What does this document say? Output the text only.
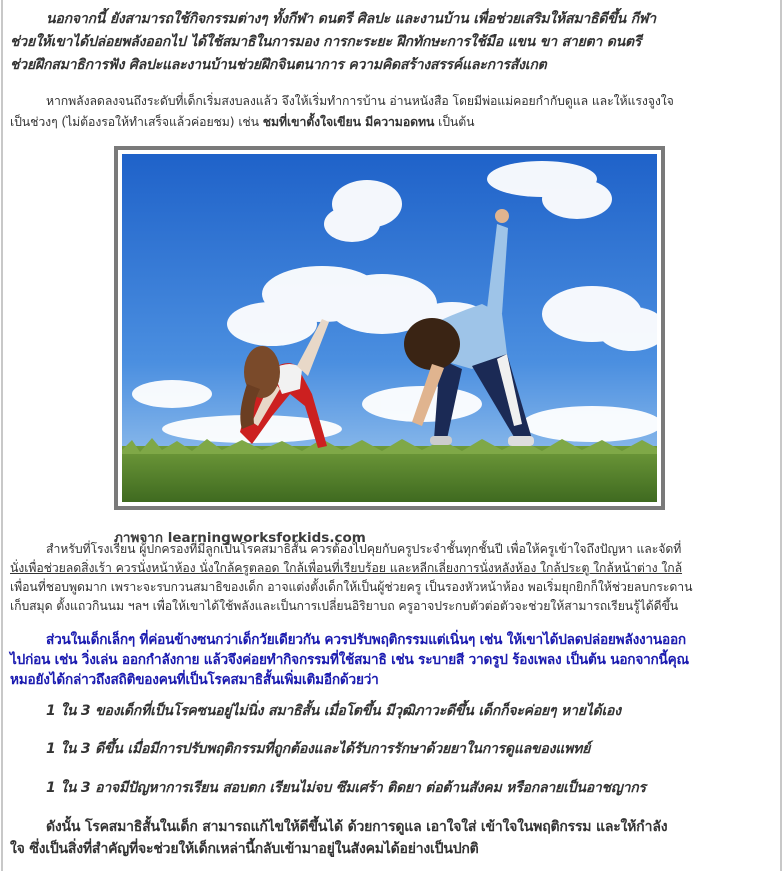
นอกจากนี้ ยังสามารถใช้กิจกรรมต่างๆ ทั้งกีฬา ดนตรี ศิลปะ และงานบ้าน เพื่อช่วยเสริมให้สมาธิดีขึ้น กีฬา

ช่วยให้เขาได้ปล่อยพลังออกไป ได้ใช้สมาธิในการมอง การกะระยะ ฝึกทักษะการใช้มือ แขน ขา สายตา ดนตรี

ช่วยฝึกสมาธิการฟัง ศิลปะและงานบ้านช่วยฝึกจินตนาการ ความคิดสร้างสรรค์และการสังเกต

หากพลังลดลงจนถึงระดับที่เด็กเริ่มสงบลงแล้ว จึงให้เริ่มทำการบ้าน อ่านหนังสือ โดยมีพ่อแม่คอยกำกับดูแล และให้แรงจูงใจ

เป็นช่วงๆ (ไม่ต้องรอให้ทำเสร็จแล้วค่อยชม) เช่น ชมที่เขาตั้งใจเขียน มีความอดทน เป็นต้น

ภาพจาก learningworksforkids.com

สำหรับที่โรงเรียน ผู้ปกครองที่มีลูกเป็นโรคสมาธิสั้น ควรต้องไปคุยกับครูประจำชั้นทุกชั้นปี เพื่อให้ครูเข้าใจถึงปัญหา และจัดที่

นั่งเพื่อช่วยลดสิ่งเร้า ควรนั่งหน้าห้อง นั่งใกล้ครูตลอด ใกล้เพื่อนที่เรียบร้อย และหลีกเลี่ยงการนั่งหลังห้อง ใกล้ประตู ใกล้หน้าต่าง ใกล้

เพื่อนที่ชอบพูดมาก เพราะจะรบกวนสมาธิของเด็ก อาจแต่งตั้งเด็กให้เป็นผู้ช่วยครู เป็นรองหัวหน้าห้อง พอเริ่มยุกยิกก็ให้ช่วยลบกระดาน

เก็บสมุด ตั้งแถวกินนม ฯลฯ เพื่อให้เขาได้ใช้พลังและเป็นการเปลี่ยนอิริยาบถ ครูอาจประกบตัวต่อตัวจะช่วยให้สามารถเรียนรู้ได้ดีขึ้น

ส่วนในเด็กเล็กๆ ที่ค่อนข้างซนกว่าเด็กวัยเดียวกัน ควรปรับพฤติกรรมแต่เนิ่นๆ เช่น ให้เขาได้ปลดปล่อยพลังงานออก

ไปก่อน เช่น วิ่งเล่น ออกกำลังกาย แล้วจึงค่อยทำกิจกรรมที่ใช้สมาธิ เช่น ระบายสี วาดรูป ร้องเพลง เป็นต้น นอกจากนี้คุณ

หมอยังได้กล่าวถึงสถิติของคนที่เป็นโรคสมาธิสั้นเพิ่มเติมอีกด้วยว่า

1 ใน 3 ของเด็กที่เป็นโรคซนอยู่ไม่นิ่ง สมาธิสั้น เมื่อโตขึ้น มีวุฒิภาวะดีขึ้น เด็กก็จะค่อยๆ หายได้เอง

1 ใน 3 ดีขึ้น เมื่อมีการปรับพฤติกรรมที่ถูกต้องและได้รับการรักษาด้วยยาในการดูแลของแพทย์

1 ใน 3 อาจมีปัญหาการเรียน สอบตก เรียนไม่จบ ซึมเศร้า ติดยา ต่อต้านสังคม หรือกลายเป็นอาชญากร

ดังนั้น โรคสมาธิสั้นในเด็ก สามารถแก้ไขให้ดีขึ้นได้ ด้วยการดูแล เอาใจใส่ เข้าใจในพฤติกรรม และให้กำลัง

ใจ ซึ่งเป็นสิ่งที่สำคัญที่จะช่วยให้เด็กเหล่านี้กลับเข้ามาอยู่ในสังคมได้อย่างเป็นปกติ
